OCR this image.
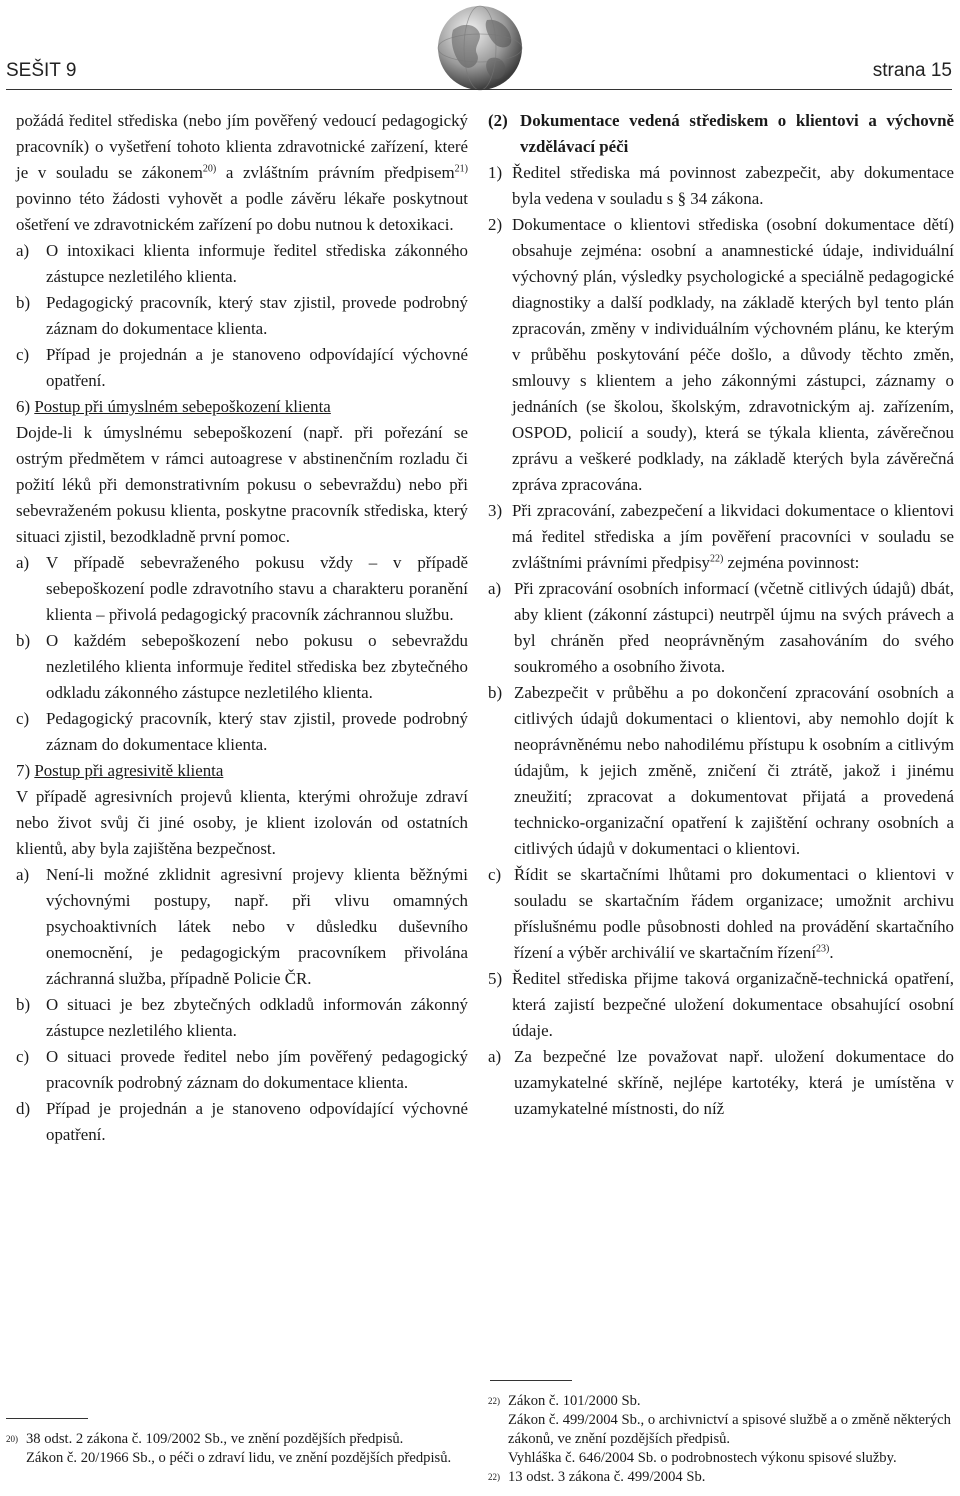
SEŠIT 9	strana 15

požádá ředitel střediska (nebo jím pověřený vedoucí pedagogický pracovník) o vyšetření tohoto klienta zdravotnické zařízení, které je v souladu se zákonem$^{20)}$ a zvláštním právním předpisem$^{21)}$ povinno této žádosti vyhovět a podle závěru lékaře poskytnout ošetření ve zdravotnickém zařízení po dobu nutnou k detoxikaci.

a) O intoxikaci klienta informuje ředitel střediska zákonného zástupce nezletilého klienta.

b) Pedagogický pracovník, který stav zjistil, provede podrobný záznam do dokumentace klienta.

c) Případ je projednán a je stanoveno odpovídající výchovné opatření.

6) Postup při úmyslném sebepoškození klienta

Dojde-li k úmyslnému sebepoškození (např. při pořezání se ostrým předmětem v rámci autoagrese v abstinenčním rozladu či požití léků při demonstrativním pokusu o sebevraždu) nebo při sebevraženém pokusu klienta, poskytne pracovník střediska, který situaci zjistil, bezodkladně první pomoc.

a) V případě sebevraženého pokusu vždy – v případě sebepoškození podle zdravotního stavu a charakteru poranění klienta – přivolá pedagogický pracovník záchrannou službu.

b) O každém sebepoškození nebo pokusu o sebevraždu nezletilého klienta informuje ředitel střediska bez zbytečného odkladu zákonného zástupce nezletilého klienta.

c) Pedagogický pracovník, který stav zjistil, provede podrobný záznam do dokumentace klienta.

7) Postup při agresivitě klienta

V případě agresivních projevů klienta, kterými ohrožuje zdraví nebo život svůj či jiné osoby, je klient izolován od ostatních klientů, aby byla zajištěna bezpečnost.

a) Není-li možné zklidnit agresivní projevy klienta běžnými výchovnými postupy, např. při vlivu omamných psychoaktivních látek nebo v důsledku duševního onemocnění, je pedagogickým pracovníkem přivolána záchranná služba, případně Policie ČR.

b) O situaci je bez zbytečných odkladů informován zákonný zástupce nezletilého klienta.

c) O situaci provede ředitel nebo jím pověřený pedagogický pracovník podrobný záznam do dokumentace klienta.

d) Případ je projednán a je stanoveno odpovídající výchovné opatření.

20) 38 odst. 2 zákona č. 109/2002 Sb., ve znění pozdějších předpisů.
Zákon č. 20/1966 Sb., o péči o zdraví lidu, ve znění pozdějších předpisů.

(2) Dokumentace vedená střediskem o klientovi a výchovně vzdělávací péči

1) Ředitel střediska má povinnost zabezpečit, aby dokumentace byla vedena v souladu s § 34 zákona.

2) Dokumentace o klientovi střediska (osobní dokumentace dětí) obsahuje zejména: osobní a anamnestické údaje, individuální výchovný plán, výsledky psychologické a speciálně pedagogické diagnostiky a další podklady, na základě kterých byl tento plán zpracován, změny v individuálním výchovném plánu, ke kterým v průběhu poskytování péče došlo, a důvody těchto změn, smlouvy s klientem a jeho zákonnými zástupci, záznamy o jednáních (se školou, školským, zdravotnickým aj. zařízením, OSPOD, policií a soudy), která se týkala klienta, závěrečnou zprávu a veškeré podklady, na základě kterých byla závěrečná zpráva zpracována.

3) Při zpracování, zabezpečení a likvidaci dokumentace o klientovi má ředitel střediska a jím pověření pracovníci v souladu se zvláštními právními předpisy$^{22)}$ zejména povinnost:

a) Při zpracování osobních informací (včetně citlivých údajů) dbát, aby klient (zákonní zástupci) neutrpěl újmu na svých právech a byl chráněn před neoprávněným zasahováním do svého soukromého a osobního života.

b) Zabezpečit v průběhu a po dokončení zpracování osobních a citlivých údajů dokumentaci o klientovi, aby nemohlo dojít k neoprávněnému nebo nahodilému přístupu k osobním a citlivým údajům, k jejich změně, zničení či ztrátě, jakož i jinému zneužití; zpracovat a dokumentovat přijatá a provedená technicko-organizační opatření k zajištění ochrany osobních a citlivých údajů v dokumentaci o klientovi.

c) Řídit se skartačními lhůtami pro dokumentaci o klientovi v souladu se skartačním řádem organizace; umožnit archivu příslušnému podle působnosti dohled na provádění skartačního řízení a výběr archiválií ve skartačním řízení$^{23)}$.

5) Ředitel střediska přijme taková organizačně-technická opatření, která zajistí bezpečné uložení dokumentace obsahující osobní údaje.

a) Za bezpečné lze považovat např. uložení dokumentace do uzamykatelné skříně, nejlépe kartotéky, která je umístěna v uzamykatelné místnosti, do níž

22) Zákon č. 101/2000 Sb.
Zákon č. 499/2004 Sb., o archivnictví a spisové službě a o změně některých zákonů, ve znění pozdějších předpisů.
Vyhláška č. 646/2004 Sb. o podrobnostech výkonu spisové služby.
22) 13 odst. 3 zákona č. 499/2004 Sb.
